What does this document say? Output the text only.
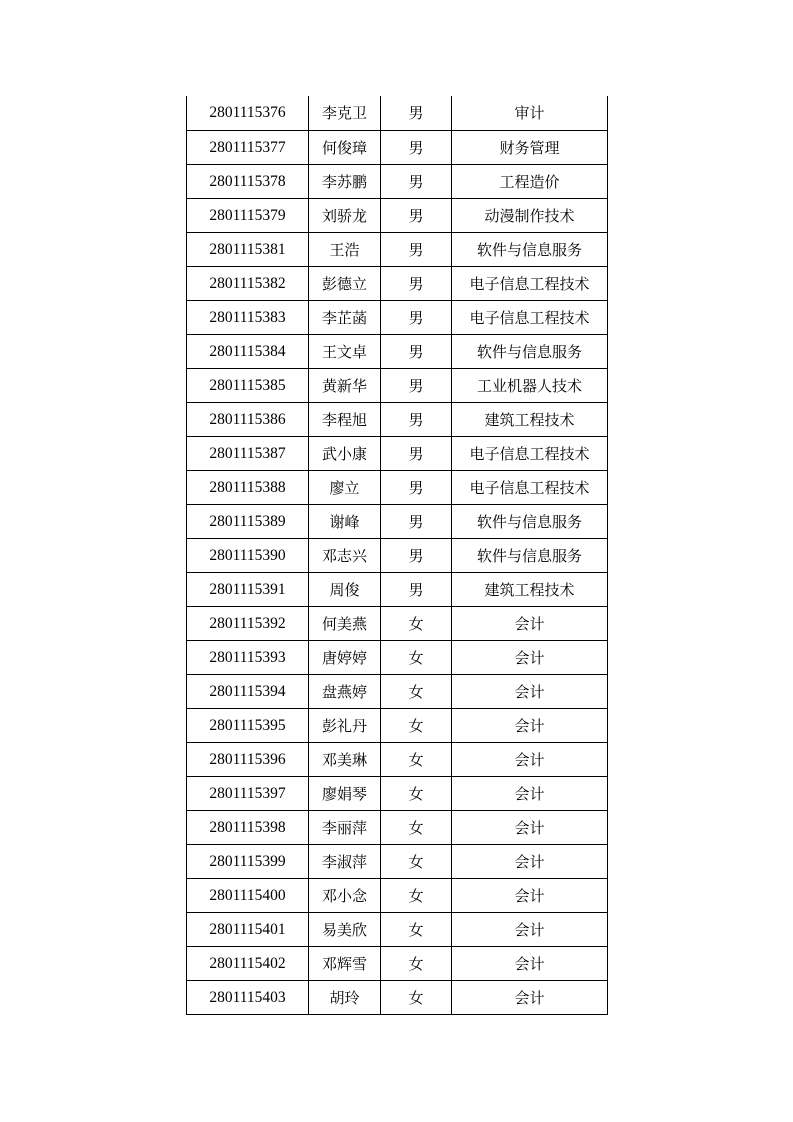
2801115376	李克卫	男	审计
2801115377	何俊璋	男	财务管理
2801115378	李苏鹏	男	工程造价
2801115379	刘骄龙	男	动漫制作技术
2801115381	王浩	男	软件与信息服务
2801115382	彭德立	男	电子信息工程技术
2801115383	李芷菡	男	电子信息工程技术
2801115384	王文卓	男	软件与信息服务
2801115385	黄新华	男	工业机器人技术
2801115386	李程旭	男	建筑工程技术
2801115387	武小康	男	电子信息工程技术
2801115388	廖立	男	电子信息工程技术
2801115389	谢峰	男	软件与信息服务
2801115390	邓志兴	男	软件与信息服务
2801115391	周俊	男	建筑工程技术
2801115392	何美燕	女	会计
2801115393	唐婷婷	女	会计
2801115394	盘燕婷	女	会计
2801115395	彭礼丹	女	会计
2801115396	邓美琳	女	会计
2801115397	廖娟琴	女	会计
2801115398	李丽萍	女	会计
2801115399	李淑萍	女	会计
2801115400	邓小念	女	会计
2801115401	易美欣	女	会计
2801115402	邓辉雪	女	会计
2801115403	胡玲	女	会计
